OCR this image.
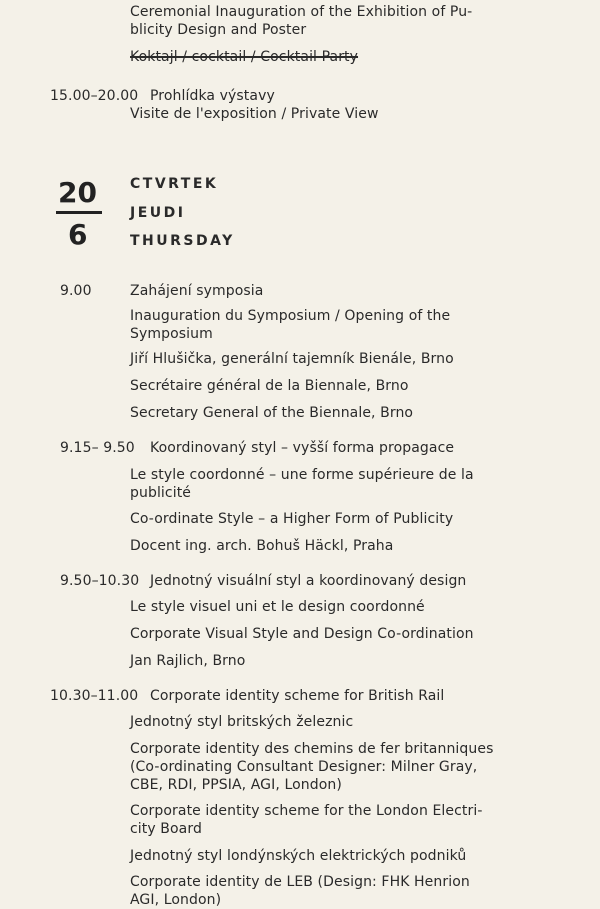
Ceremonial Inauguration of the Exhibition of Pu-
blicity Design and Poster
Koktajl / cocktail / Cocktail Party
15.00–20.00 Prohlídka výstavy
Visite de l'exposition / Private View
20
6
CTVRTEK
JEUDI
THURSDAY
9.00	Zahájení symposia
Inauguration du Symposium / Opening of the
Symposium
Jiří Hlušička, generální tajemník Bienále, Brno
Secrétaire général de la Biennale, Brno
Secretary General of the Biennale, Brno
9.15– 9.50 Koordinovaný styl – vyšší forma propagace
Le style coordonné – une forme supérieure de la
publicité
Co-ordinate Style – a Higher Form of Publicity
Docent ing. arch. Bohuš Häckl, Praha
9.50–10.30 Jednotný visuální styl a koordinovaný design
Le style visuel uni et le design coordonné
Corporate Visual Style and Design Co-ordination
Jan Rajlich, Brno
10.30–11.00 Corporate identity scheme for British Rail
Jednotný styl britských železnic
Corporate identity des chemins de fer britanniques
(Co-ordinating Consultant Designer: Milner Gray,
CBE, RDI, PPSIA, AGI, London)
Corporate identity scheme for the London Electri-
city Board
Jednotný styl londýnských elektrických podniků
Corporate identity de LEB (Design: FHK Henrion
AGI, London)
